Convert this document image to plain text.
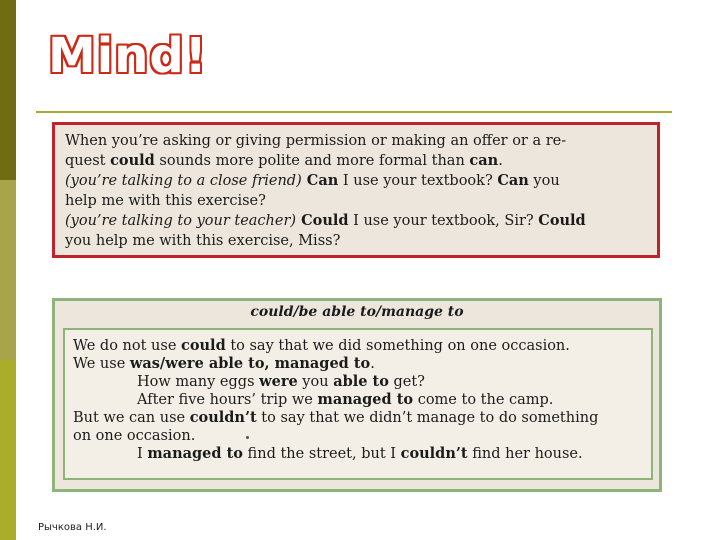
Mind!

When you’re asking or giving permission or making an offer or a re-

quest could sounds more polite and more formal than can.

(you’re talking to a close friend) Can I use your textbook? Can you

help me with this exercise?

(you’re talking to your teacher) Could I use your textbook, Sir? Could

you help me with this exercise, Miss?

could/be able to/manage to

We do not use could to say that we did something on one occasion.

We use was/were able to, managed to.

How many eggs were you able to get?

After five hours’ trip we managed to come to the camp.

But we can use couldn’t to say that we didn’t manage to do something

on one occasion.

I managed to find the street, but I couldn’t find her house.

Рычкова Н.И.
